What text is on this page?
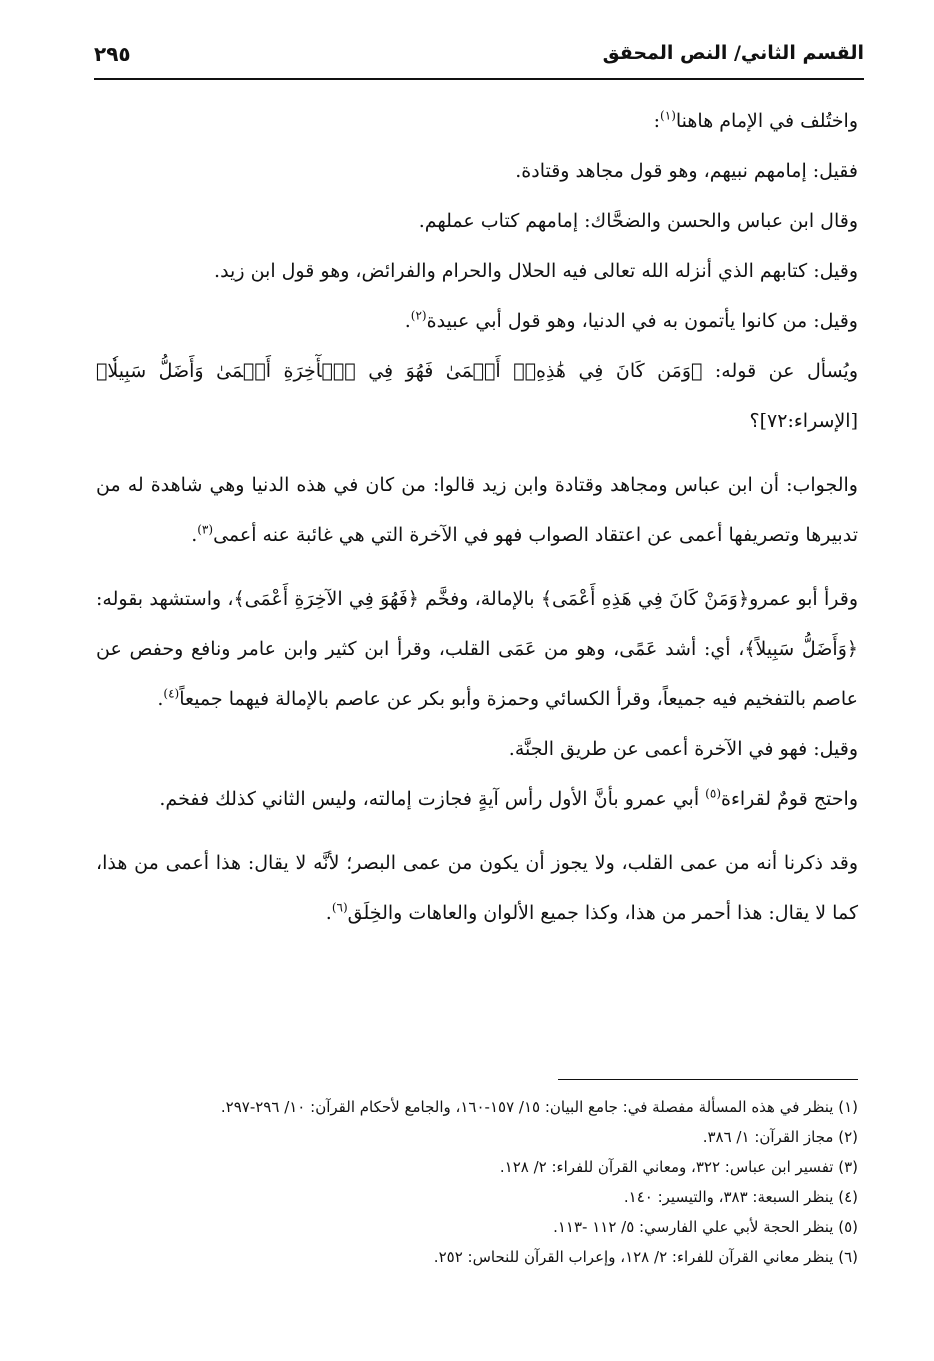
القسم الثاني/ النص المحقق
٢٩٥

واختُلف في الإمام هاهنا$^{(١)}$:

فقيل: إمامهم نبيهم، وهو قول مجاهد وقتادة.

وقال ابن عباس والحسن والضحَّاك: إمامهم كتاب عملهم.

وقيل: كتابهم الذي أنزله الله تعالى فيه الحلال والحرام والفرائض، وهو قول ابن زيد.

وقيل: من كانوا يأتمون به في الدنيا، وهو قول أبي عبيدة$^{(٢)}$.

ويُسأل عن قوله: ﴿وَمَن كَانَ فِي هَٰذِهِۦٓ أَعۡمَىٰ فَهُوَ فِي ٱلۡأٓخِرَةِ أَعۡمَىٰ وَأَضَلُّ سَبِيلٗا﴾ [الإسراء:٧٢]؟

والجواب: أن ابن عباس ومجاهد وقتادة وابن زيد قالوا: من كان في هذه الدنيا وهي شاهدة له من تدبيرها وتصريفها أعمى عن اعتقاد الصواب فهو في الآخرة التي هي غائبة عنه أعمى$^{(٣)}$.

وقرأ أبو عمرو﴿وَمَنْ كَانَ فِي هَذِهِ أَعْمَى﴾ بالإمالة، وفخَّم ﴿فَهُوَ فِي الآخِرَةِ أَعْمَى﴾، واستشهد بقوله: ﴿وَأَضَلُّ سَبِيلاً﴾، أي: أشد عَمًى، وهو من عَمَى القلب، وقرأ ابن كثير وابن عامر ونافع وحفص عن عاصم بالتفخيم فيه جميعاً، وقرأ الكسائي وحمزة وأبو بكر عن عاصم بالإمالة فيهما جميعاً$^{(٤)}$.

وقيل: فهو في الآخرة أعمى عن طريق الجنَّة.

واحتج قومٌ لقراءة$^{(٥)}$ أبي عمرو بأنَّ الأول رأس آيةٍ فجازت إمالته، وليس الثاني كذلك ففخم.

وقد ذكرنا أنه من عمى القلب، ولا يجوز أن يكون من عمى البصر؛ لأنَّه لا يقال: هذا أعمى من هذا، كما لا يقال: هذا أحمر من هذا، وكذا جميع الألوان والعاهات والخِلَق$^{(٦)}$.

(١) ينظر في هذه المسألة مفصلة في: جامع البيان: ١٥/ ١٥٧-١٦٠، والجامع لأحكام القرآن: ١٠/ ٢٩٦-٢٩٧.
(٢) مجاز القرآن: ١/ ٣٨٦.
(٣) تفسير ابن عباس: ٣٢٢، ومعاني القرآن للفراء: ٢/ ١٢٨.
(٤) ينظر السبعة: ٣٨٣، والتيسير: ١٤٠.
(٥) ينظر الحجة لأبي علي الفارسي: ٥/ ١١٢ -١١٣.
(٦) ينظر معاني القرآن للفراء: ٢/ ١٢٨، وإعراب القرآن للنحاس: ٢٥٢.
